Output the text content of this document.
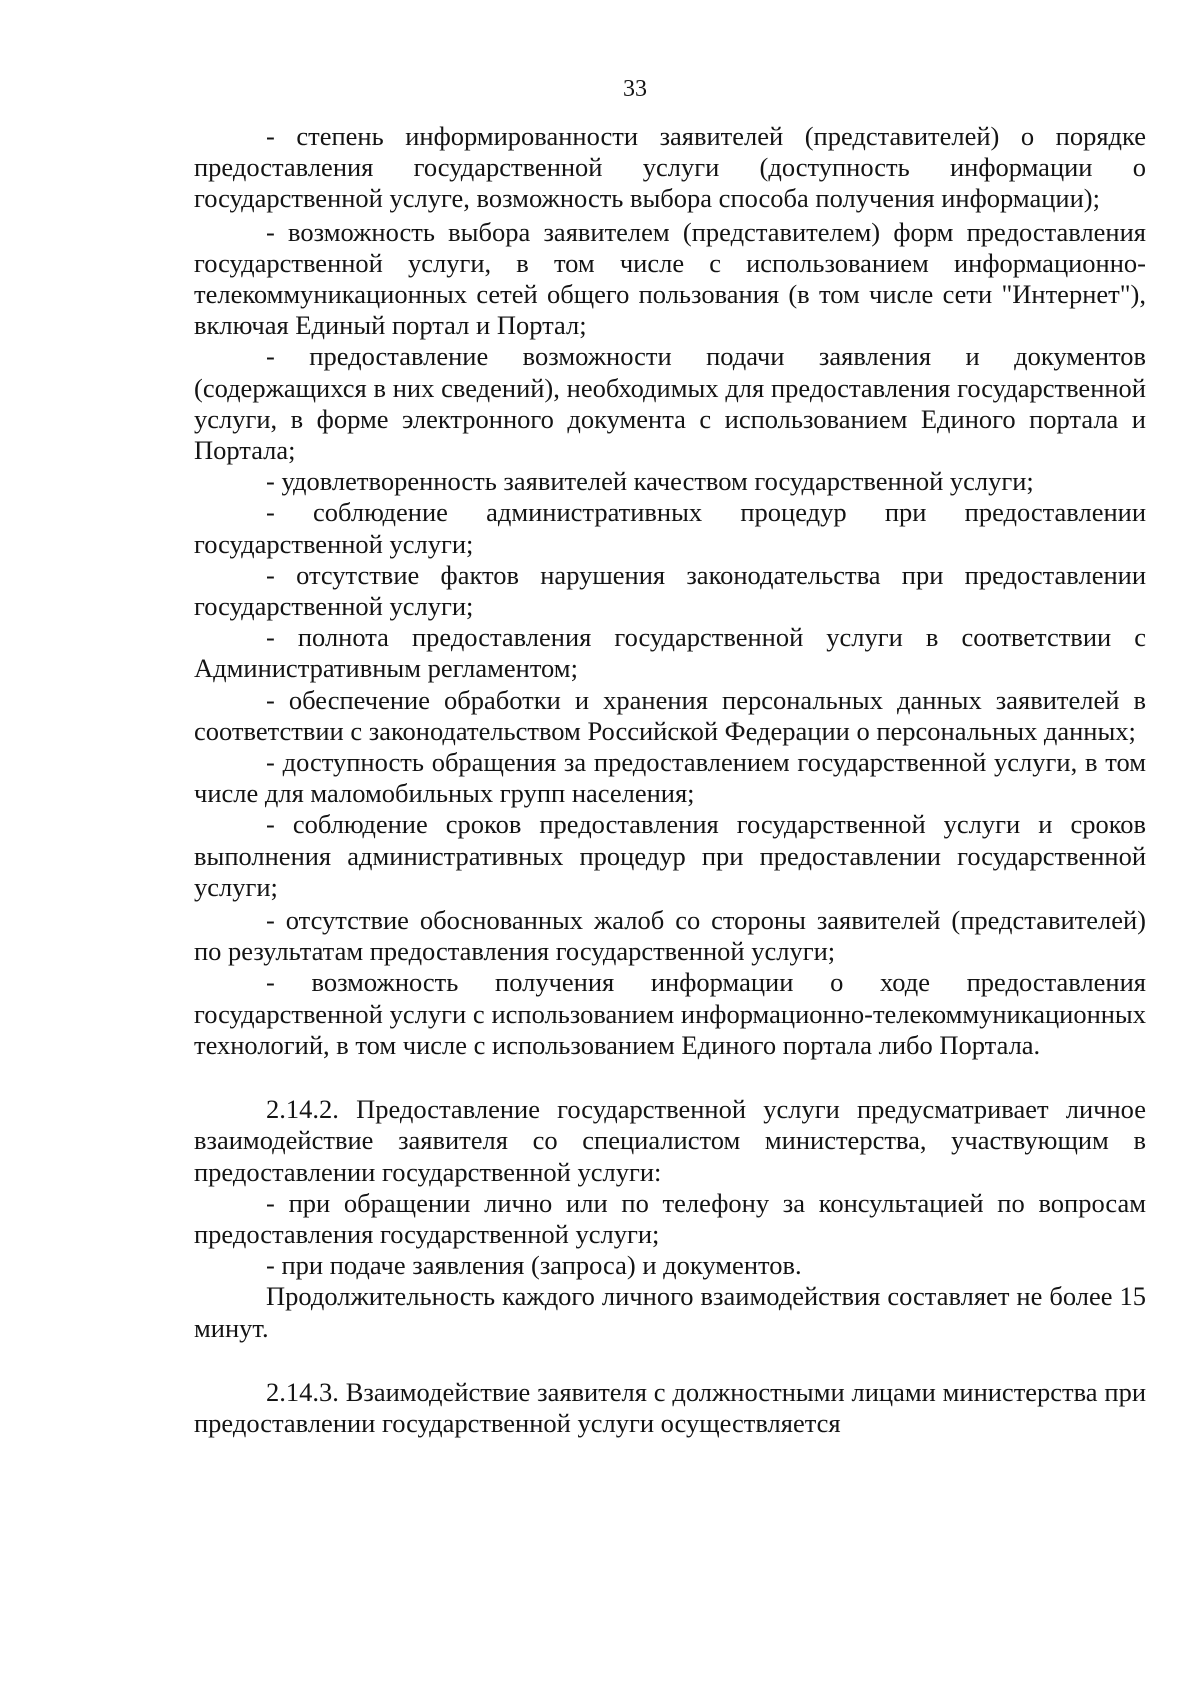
33

- степень информированности заявителей (представителей) о порядке предоставления государственной услуги (доступность информации о государственной услуге, возможность выбора способа получения информации);

- возможность выбора заявителем (представителем) форм предоставления государственной услуги, в том числе с использованием информационно-телекоммуникационных сетей общего пользования (в том числе сети "Интернет"), включая Единый портал и Портал;

- предоставление возможности подачи заявления и документов (содержащихся в них сведений), необходимых для предоставления государственной услуги, в форме электронного документа с использованием Единого портала и Портала;

- удовлетворенность заявителей качеством государственной услуги;

- соблюдение административных процедур при предоставлении государственной услуги;

- отсутствие фактов нарушения законодательства при предоставлении государственной услуги;

- полнота предоставления государственной услуги в соответствии с Административным регламентом;

- обеспечение обработки и хранения персональных данных заявителей в соответствии с законодательством Российской Федерации о персональных данных;

- доступность обращения за предоставлением государственной услуги, в том числе для маломобильных групп населения;

- соблюдение сроков предоставления государственной услуги и сроков выполнения административных процедур при предоставлении государственной услуги;

- отсутствие обоснованных жалоб со стороны заявителей (представителей) по результатам предоставления государственной услуги;

- возможность получения информации о ходе предоставления государственной услуги с использованием информационно-телекоммуникационных технологий, в том числе с использованием Единого портала либо Портала.

2.14.2. Предоставление государственной услуги предусматривает личное взаимодействие заявителя со специалистом министерства, участвующим в предоставлении государственной услуги:

- при обращении лично или по телефону за консультацией по вопросам предоставления государственной услуги;

- при подаче заявления (запроса) и документов.

Продолжительность каждого личного взаимодействия составляет не более 15 минут.

2.14.3. Взаимодействие заявителя с должностными лицами министерства при предоставлении государственной услуги осуществляется
